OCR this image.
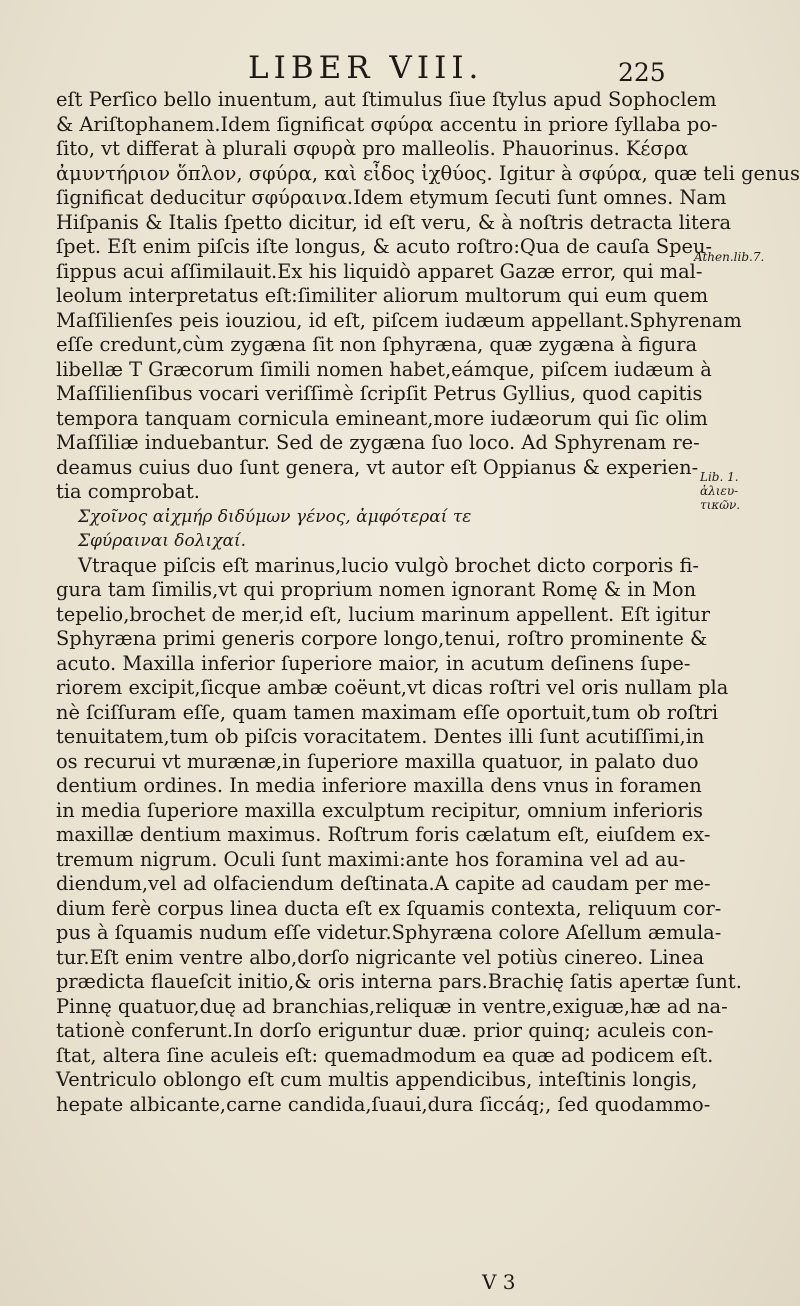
LIBER VIII.	225
eſt Perſico bello inuentum, aut ſtimulus ſiue ſtylus apud Sophoclem
& Ariſtophanem.Idem ſignificat σφύρα accentu in priore ſyllaba po-
ſito, vt differat à plurali σφυρὰ pro malleolis. Phauorinus. Κέσρα
ἀμυντήριον ὅπλον, σφύρα, καὶ εἶδος ἰχθύος. Igitur à σφύρα, quæ teli genus
ſignificat deducitur σφύραινα.Idem etymum ſecuti ſunt omnes. Nam
Hiſpanis & Italis ſpetto dicitur, id eſt veru, & à noſtris detracta litera
ſpet. Eſt enim piſcis iſte longus, & acuto roſtro:Qua de cauſa Speu-
ſippus acui aſſimilauit.Ex his liquidò apparet Gazæ error, qui mal-
leolum interpretatus eſt:ſimiliter aliorum multorum qui eum quem
Maſſilienſes peis iouziou, id eſt, piſcem iudæum appellant.Sphyrenam
eſſe credunt,cùm zygæna ſit non ſphyræna, quæ zygæna à figura
libellæ T Græcorum ſimili nomen habet,eámque, piſcem iudæum à
Maſſilienſibus vocari veriſſimè ſcripſit Petrus Gyllius, quod capitis
tempora tanquam cornicula emineant,more iudæorum qui ſic olim
Maſſiliæ induebantur. Sed de zygæna ſuo loco. Ad Sphyrenam re-
deamus cuius duo ſunt genera, vt autor eſt Oppianus & experien-
tia comprobat.
Σχοῖνος αἰχμήρ διδύμων γένος, ἀμφότεραί τε
Σφύραιναι δολιχαί.
Vtraque piſcis eſt marinus,lucio vulgò brochet dicto corporis fi-
gura tam ſimilis,vt qui proprium nomen ignorant Romę & in Mon
tepelio,brochet de mer,id eſt, lucium marinum appellent. Eſt igitur
Sphyræna primi generis corpore longo,tenui, roſtro prominente &
acuto. Maxilla inferior ſuperiore maior, in acutum deſinens ſupe-
riorem excipit,ſicque ambæ coëunt,vt dicas roſtri vel oris nullam pla
nè ſciſſuram eſſe, quam tamen maximam eſſe oportuit,tum ob roſtri
tenuitatem,tum ob piſcis voracitatem. Dentes illi ſunt acutiſſimi,in
os recurui vt murænæ,in ſuperiore maxilla quatuor, in palato duo
dentium ordines. In media inferiore maxilla dens vnus in foramen
in media ſuperiore maxilla exculptum recipitur, omnium inferioris
maxillæ dentium maximus. Roſtrum foris cælatum eſt, eiuſdem ex-
tremum nigrum. Oculi ſunt maximi:ante hos foramina vel ad au-
diendum,vel ad olfaciendum deſtinata.A capite ad caudam per me-
dium ferè corpus linea ducta eſt ex ſquamis contexta, reliquum cor-
pus à ſquamis nudum eſſe videtur.Sphyræna colore Aſellum æmula-
tur.Eſt enim ventre albo,dorſo nigricante vel potiùs cinereo. Linea
prædicta flaueſcit initio,& oris interna pars.Brachię ſatis apertæ ſunt.
Pinnę quatuor,duę ad branchias,reliquæ in ventre,exiguæ,hæ ad na-
tationè conferunt.In dorſo eriguntur duæ. prior quinq; aculeis con-
ſtat, altera ſine aculeis eſt: quemadmodum ea quæ ad podicem eſt.
Ventriculo oblongo eſt cum multis appendicibus, inteſtinis longis,
hepate albicante,carne candida,ſuaui,dura ſiccáq;, ſed quodammo-
Athen.lib.7.
Lib. 1. ἁλιευ-τικῶν.
V 3
